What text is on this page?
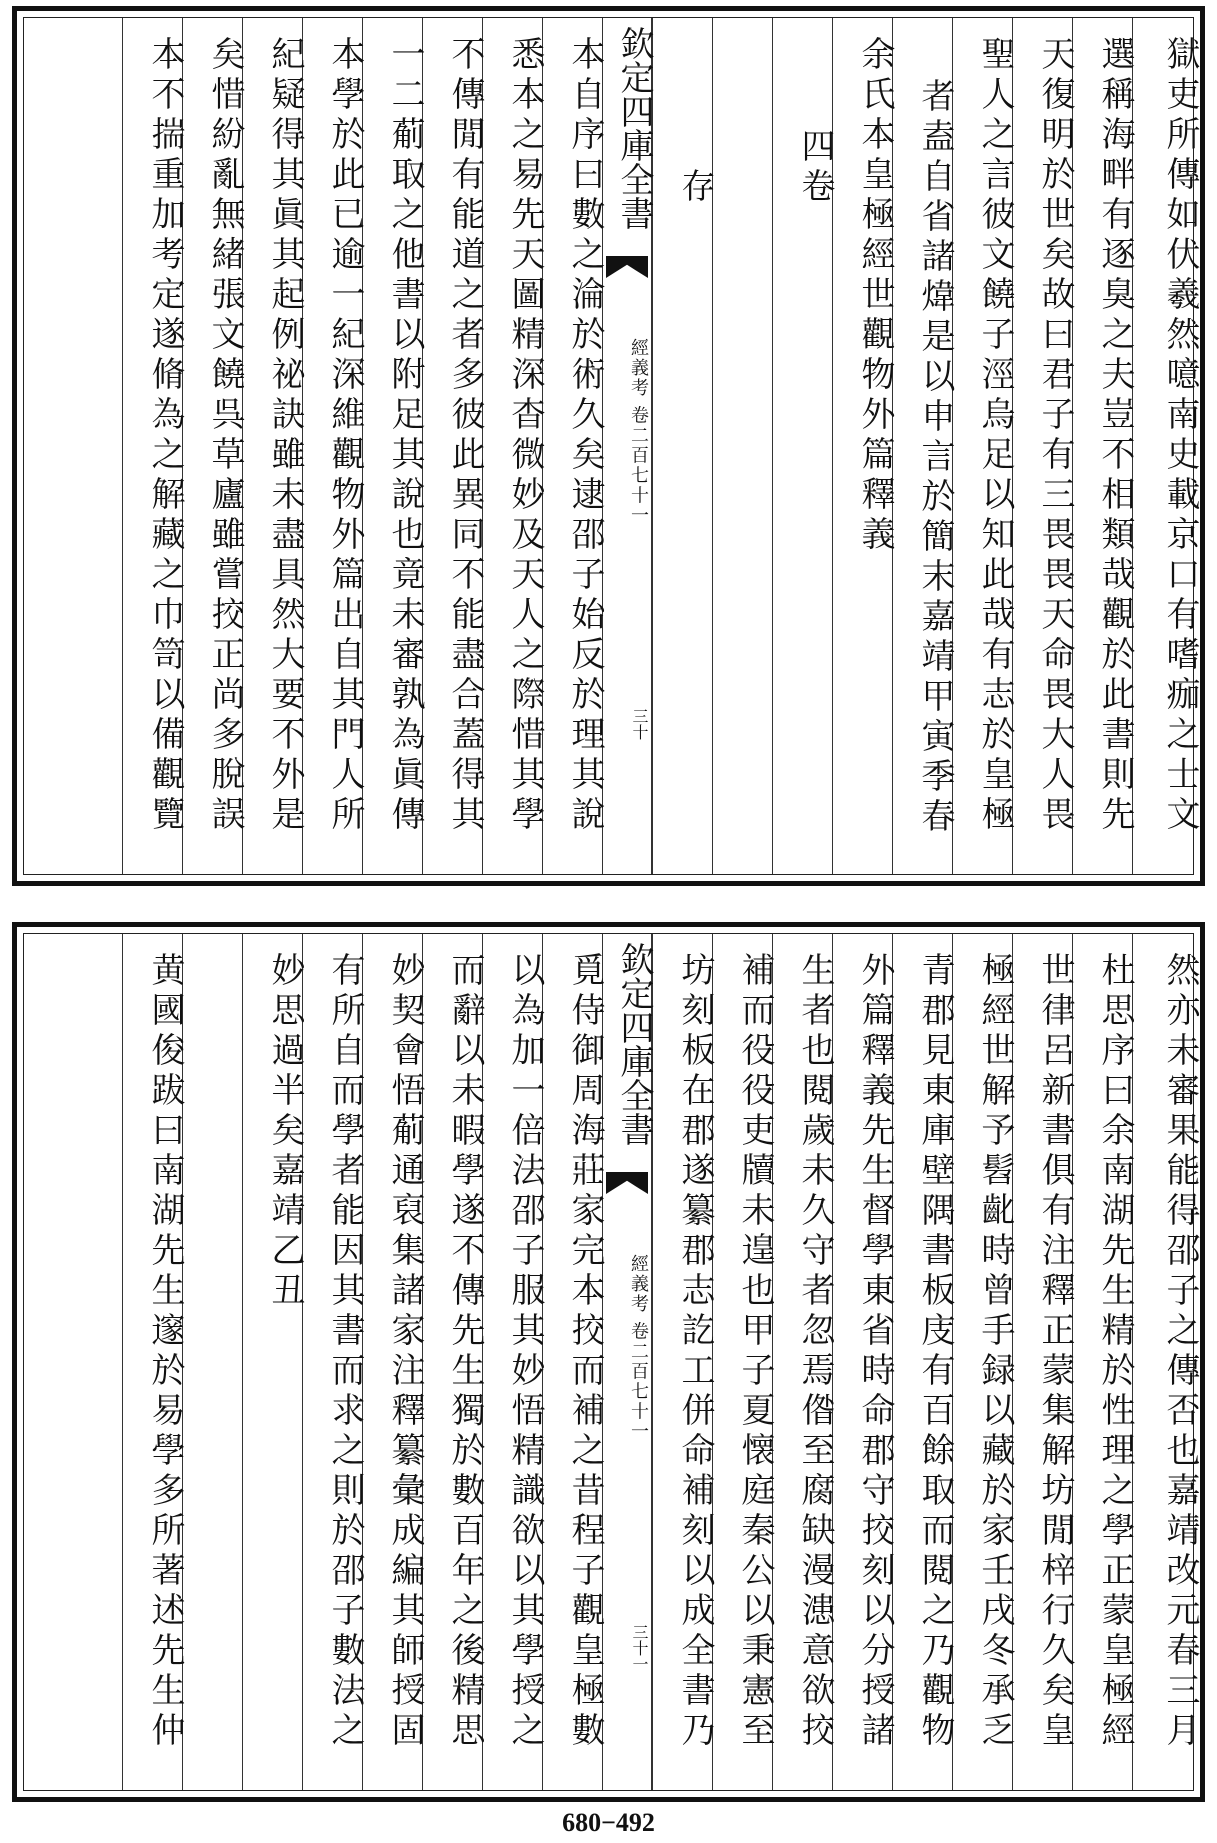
獄吏所傳如伏羲然噫南史載京口有嗜痂之士文
選稱海畔有逐臭之夫豈不相類哉觀於此書則先
天復明於世矣故曰君子有三畏畏天命畏大人畏
聖人之言彼文饒子涇烏足以知此哉有志於皇極
者盍自省諸煒是以申言於簡末嘉靖甲寅季春
余氏本皇極經世觀物外篇釋義
四卷
存
欽定四庫全書
經義考 卷二百七十一
三十
本自序曰數之淪於術久矣逮邵子始反於理其說
悉本之易先天圖精深杳微妙及天人之際惜其學
不傳閒有能道之者多彼此異同不能盡合蓋得其
一二葪取之他書以附足其說也竟未審孰為眞傳
本學於此已逾一紀深維觀物外篇出自其門人所
紀疑得其眞其起例祕訣雖未盡具然大要不外是
矣惜紛亂無緒張文饒呉草廬雖嘗挍正尚多脫誤
本不揣重加考定遂脩為之解藏之巾笥以備觀覽
然亦未審果能得邵子之傳否也嘉靖改元春三月
杜思序曰余南湖先生精於性理之學正蒙皇極經
世律呂新書俱有注釋正蒙集解坊閒梓行久矣皇
極經世解予髫齔時曾手録以藏於家壬戌冬承乏
青郡見東庫壁隅書板庋有百餘取而閱之乃觀物
外篇釋義先生督學東省時命郡守挍刻以分授諸
生者也閱歲未久守者忽焉偺至腐缺漫漶意欲挍
補而役役吏牘未遑也甲子夏懐庭秦公以秉憲至
坊刻板在郡遂纂郡志訖工併命補刻以成全書乃
欽定四庫全書
經義考 卷二百七十一
三十一
覓侍御周海莊家完本挍而補之昔程子觀皇極數
以為加一倍法邵子服其妙悟精識欲以其學授之
而辭以未暇學遂不傳先生獨於數百年之後精思
妙契會悟葪通裒集諸家注釋纂彙成編其師授固
有所自而學者能因其書而求之則於邵子數法之
妙思過半矣嘉靖乙丑
黄國俊跋曰南湖先生邃於易學多所著述先生仲
680−492
